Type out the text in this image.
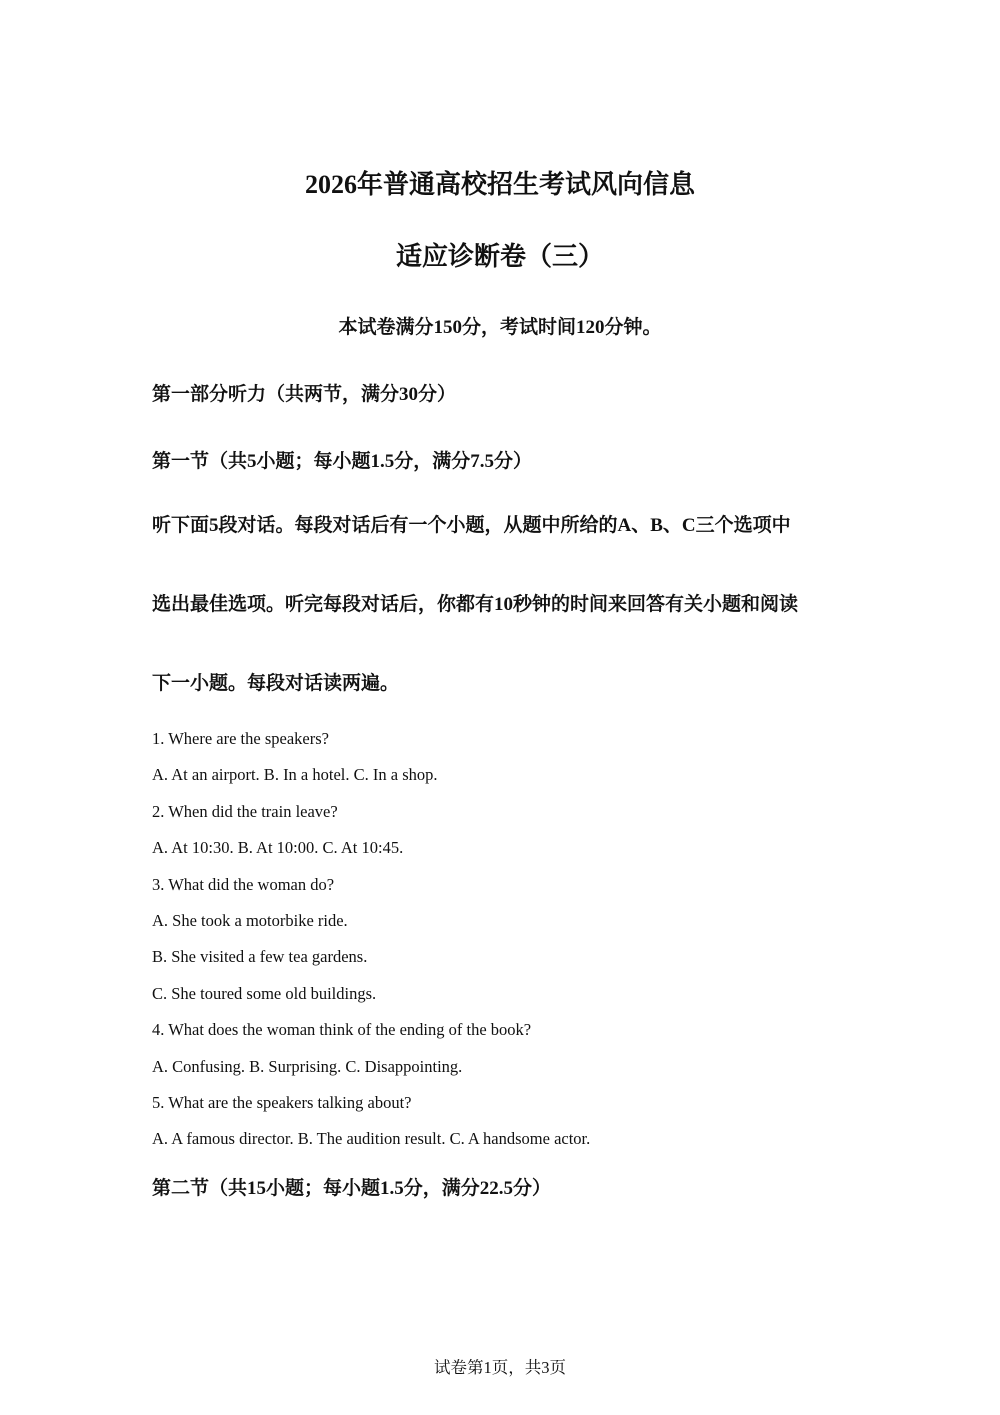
2026年普通高校招生考试风向信息
适应诊断卷（三）

本试卷满分150分，考试时间120分钟。

第一部分听力（共两节，满分30分）

第一节（共5小题；每小题1.5分，满分7.5分）

听下面5段对话。每段对话后有一个小题，从题中所给的A、B、C三个选项中
选出最佳选项。听完每段对话后，你都有10秒钟的时间来回答有关小题和阅读
下一小题。每段对话读两遍。
1. Where are the speakers?
A. At an airport. B. In a hotel. C. In a shop.
2. When did the train leave?
A. At 10:30. B. At 10:00. C. At 10:45.
3. What did the woman do?
A. She took a motorbike ride.
B. She visited a few tea gardens.
C. She toured some old buildings.
4. What does the woman think of the ending of the book?
A. Confusing. B. Surprising. C. Disappointing.
5. What are the speakers talking about?
A. A famous director. B. The audition result. C. A handsome actor.

第二节（共15小题；每小题1.5分，满分22.5分）

试卷第1页，共3页
